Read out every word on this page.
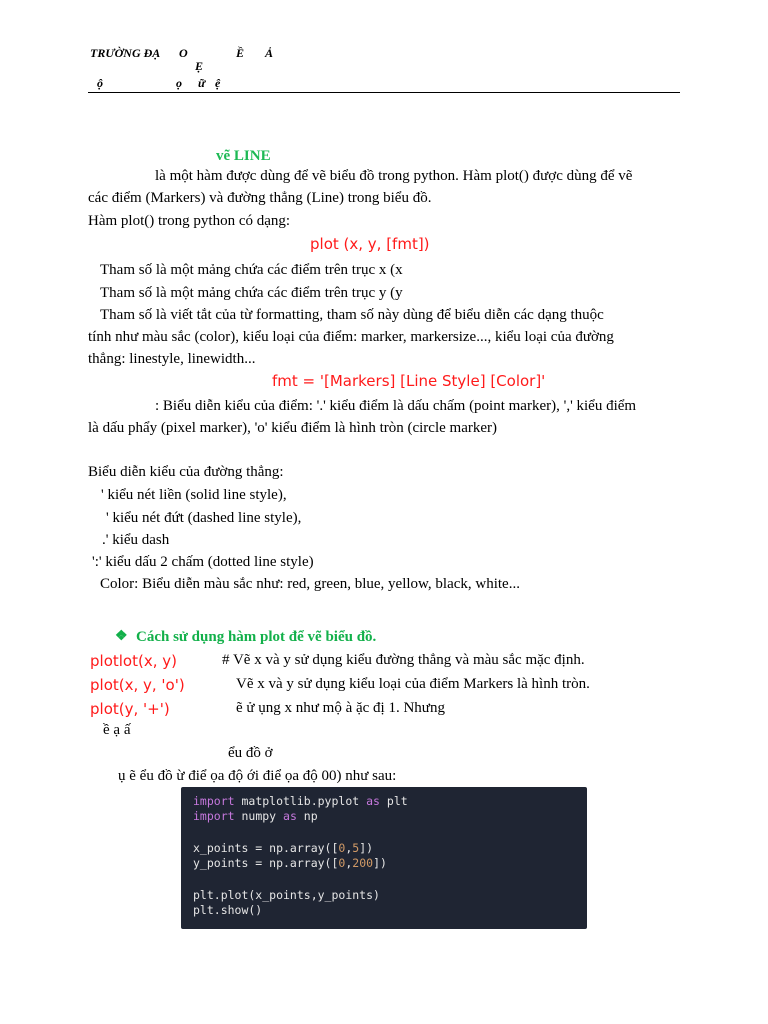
TRƯỜNG ĐẠ O	Ề Ả
Ẹ
ộ	ọ ữ ệ
vẽ LINE
là một hàm được dùng để vẽ biểu đồ trong python. Hàm plot() được dùng để vẽ
các điểm (Markers) và đường thẳng (Line) trong biểu đồ.
Hàm plot() trong python có dạng:
plot (x, y, [fmt])
Tham số là một mảng chứa các điểm trên trục x (x
Tham số là một mảng chứa các điểm trên trục y (y
Tham số là viết tắt của từ formatting, tham số này dùng để biểu diễn các dạng thuộc
tính như màu sắc (color), kiểu loại của điểm: marker, markersize..., kiểu loại của đường
thẳng: linestyle, linewidth...
fmt = '[Markers] [Line Style] [Color]'
: Biểu diễn kiểu của điểm: '.' kiểu điểm là dấu chấm (point marker), ',' kiểu điểm
là dấu phẩy (pixel marker), 'o' kiểu điểm là hình tròn (circle marker)
Biểu diễn kiểu của đường thẳng:
' kiểu nét liền (solid line style),
' kiểu nét đứt (dashed line style),
.' kiểu dash
':' kiểu dấu 2 chấm (dotted line style)
Color: Biểu diễn màu sắc như: red, green, blue, yellow, black, white...
❖ Cách sử dụng hàm plot để vẽ biểu đồ.
plotlot(x, y)	# Vẽ x và y sử dụng kiểu đường thẳng và màu sắc mặc định.
plot(x, y, 'o')	Vẽ x và y sử dụng kiểu loại của điểm Markers là hình tròn.
plot(y, '+')	ẽ ử ụng x như mộ à ặc đị 1. Nhưng
ề ạ ấ
ểu đồ ở
ụ ẽ ểu đồ ừ điể ọa độ ới điể ọa độ 00) như sau:
import matplotlib.pyplot as plt
import numpy as np
x_points = np.array([0,5])
y_points = np.array([0,200])
plt.plot(x_points,y_points)
plt.show()
